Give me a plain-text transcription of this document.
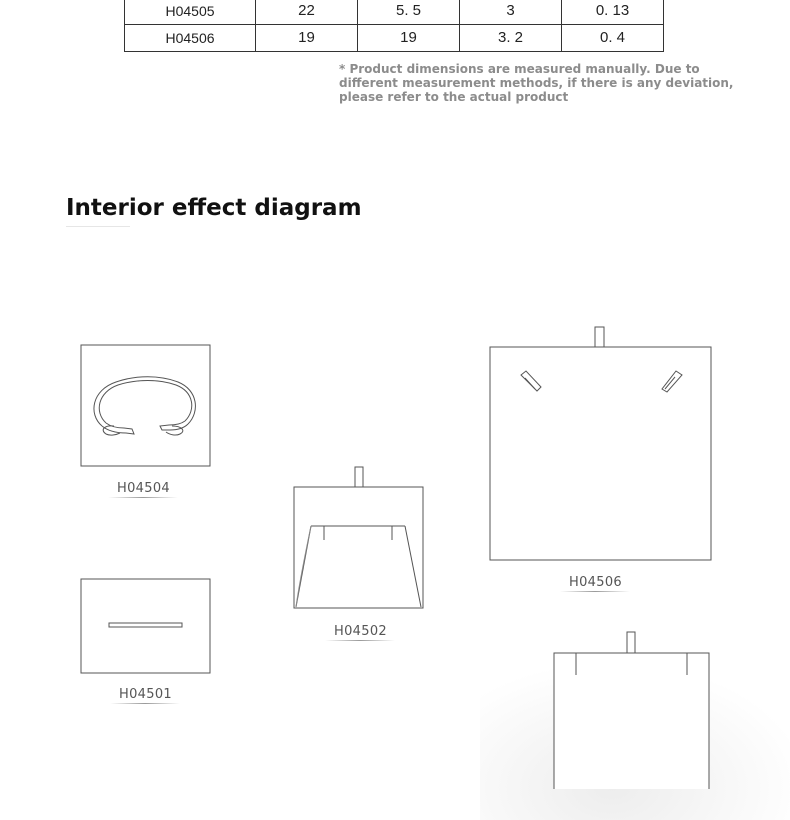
H04505	22	5. 5	3	0. 13
H04506	19	19	3. 2	0. 4
* Product dimensions are measured manually. Due to different measurement methods, if there is any deviation, please refer to the actual product
Interior effect diagram
H04504
H04502
H04506
H04501
